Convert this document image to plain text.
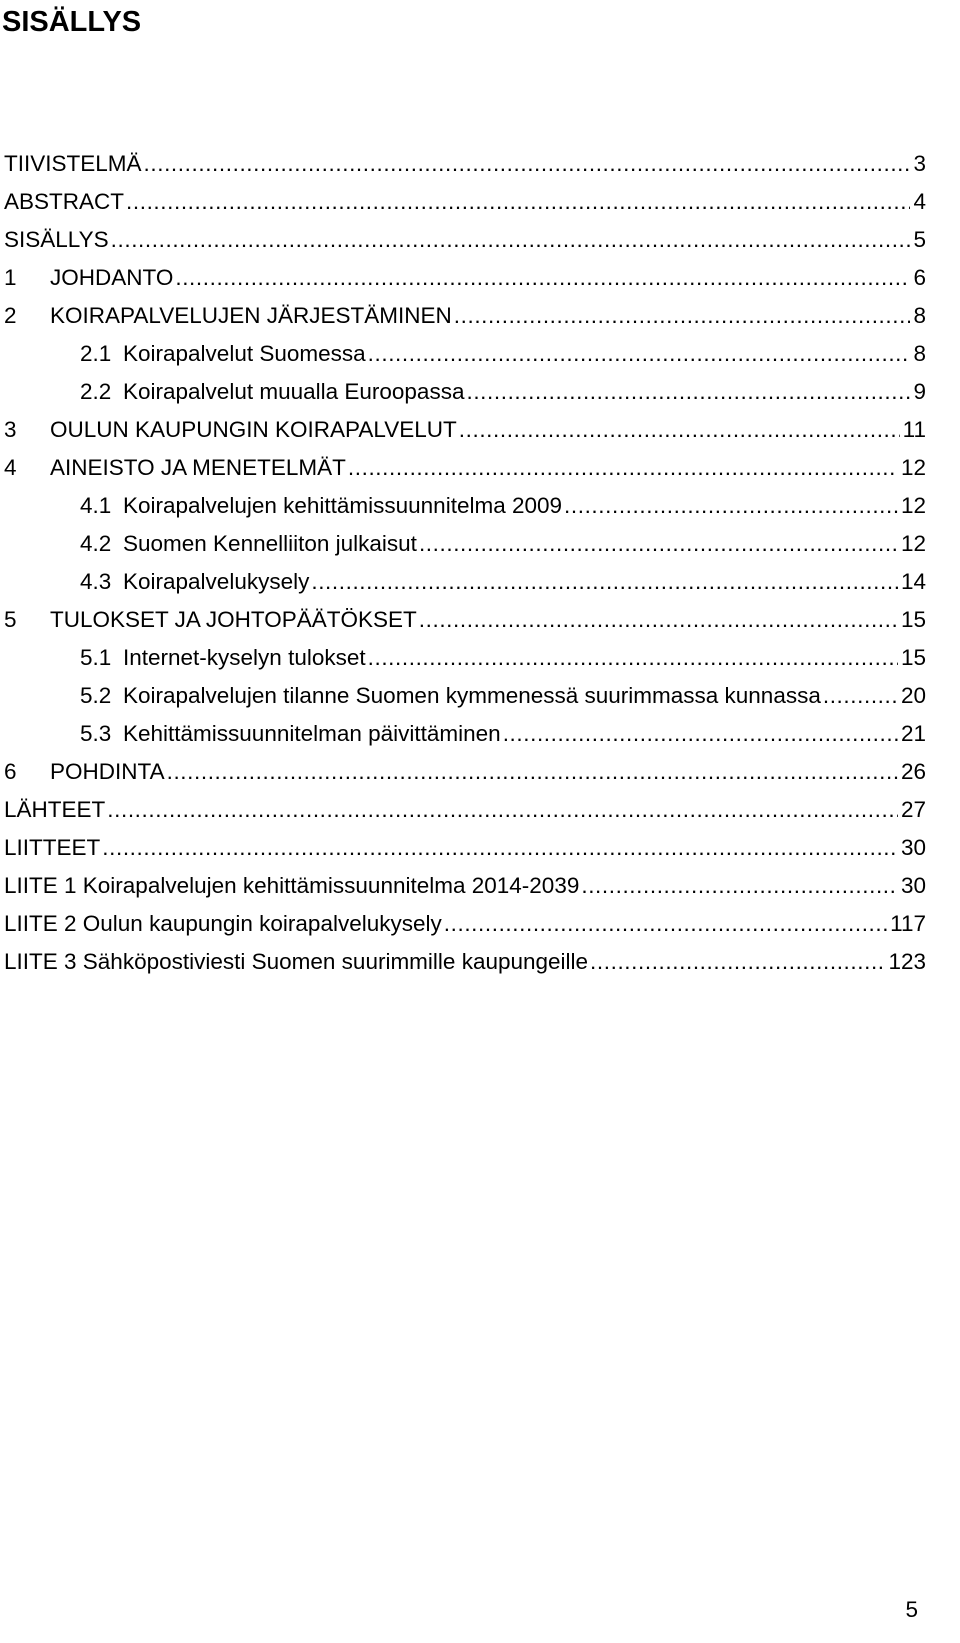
SISÄLLYS
TIIVISTELMÄ .....	3
ABSTRACT .....	4
SISÄLLYS .....	5
1	JOHDANTO .....	6
2	KOIRAPALVELUJEN JÄRJESTÄMINEN .....	8
2.1 Koirapalvelut Suomessa .....	8
2.2 Koirapalvelut muualla Euroopassa .....	9
3	OULUN KAUPUNGIN KOIRAPALVELUT .....	11
4	AINEISTO JA MENETELMÄT .....	12
4.1 Koirapalvelujen kehittämissuunnitelma 2009 .....	12
4.2 Suomen Kennelliiton julkaisut .....	12
4.3 Koirapalvelukysely .....	14
5	TULOKSET JA JOHTOPÄÄTÖKSET .....	15
5.1 Internet-kyselyn tulokset .....	15
5.2 Koirapalvelujen tilanne Suomen kymmenessä suurimmassa kunnassa .....	20
5.3 Kehittämissuunnitelman päivittäminen .....	21
6	POHDINTA .....	26
LÄHTEET .....	27
LIITTEET .....	30
LIITE 1 Koirapalvelujen kehittämissuunnitelma 2014-2039 .....	30
LIITE 2 Oulun kaupungin koirapalvelukysely .....	117
LIITE 3 Sähköpostiviesti Suomen suurimmille kaupungeille .....	123
5
